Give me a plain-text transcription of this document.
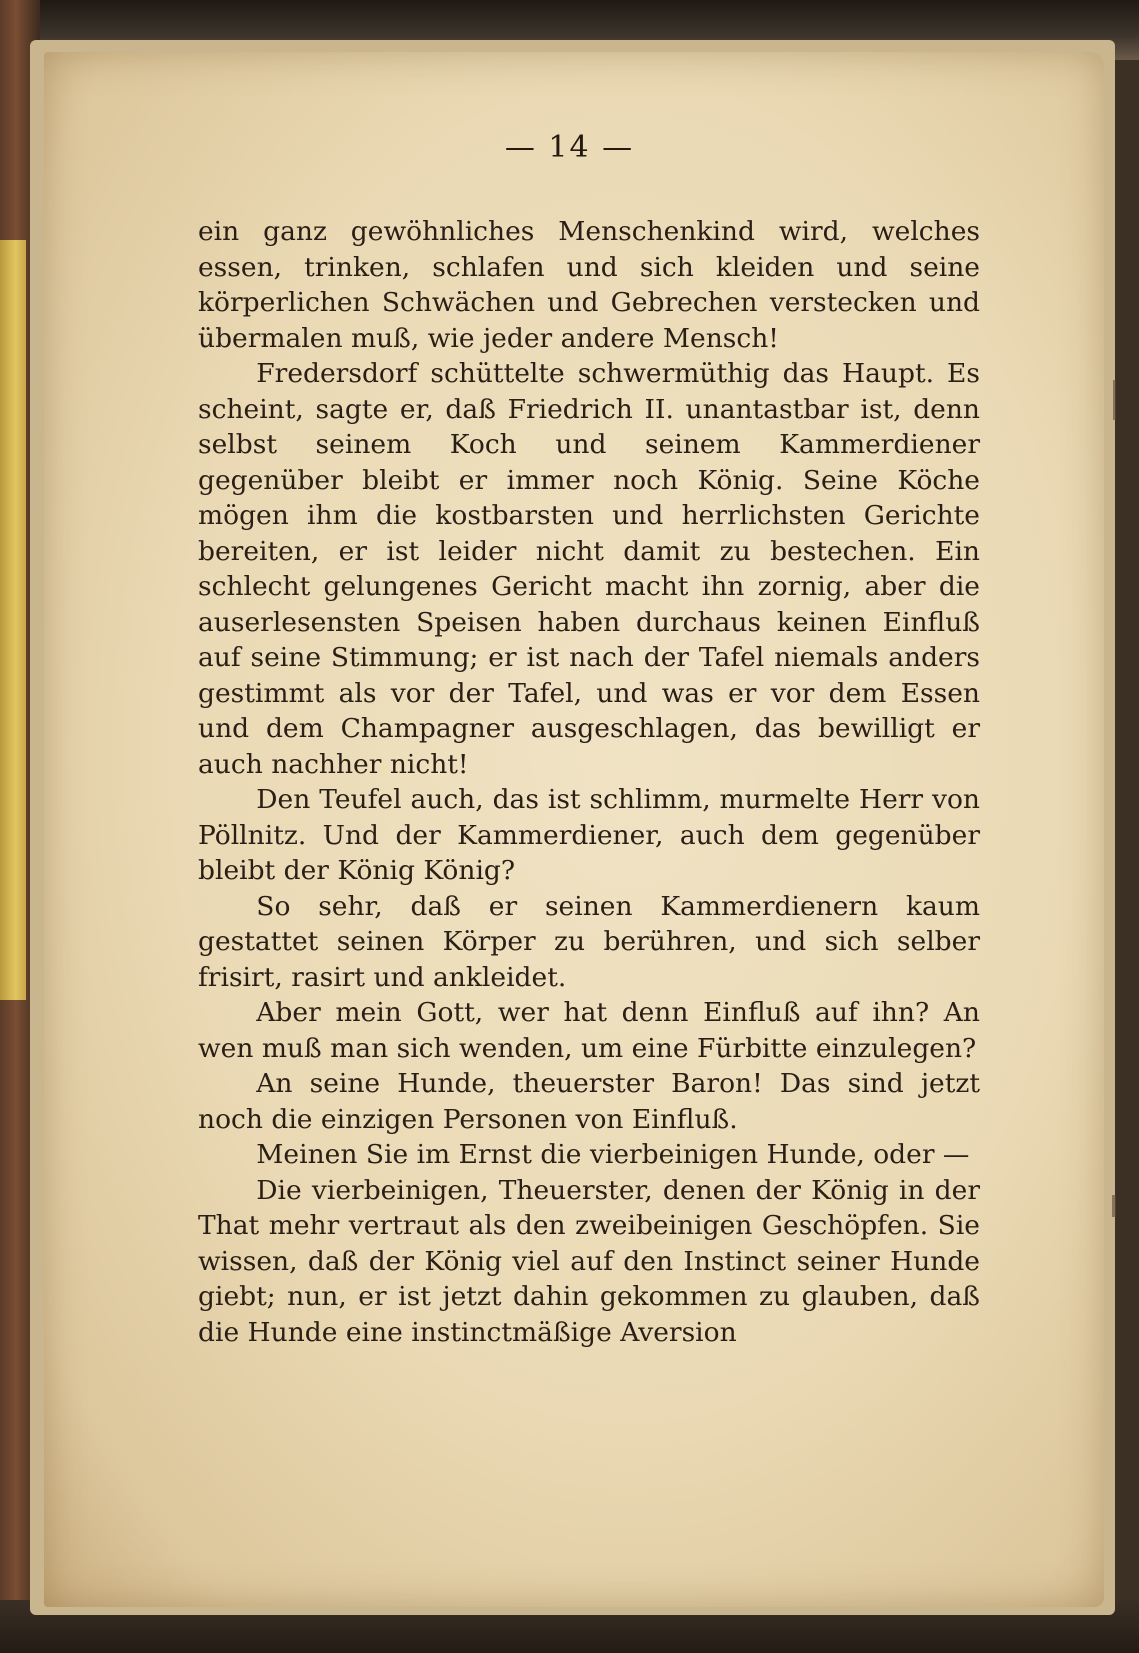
— 14 —

ein ganz gewöhnliches Menschenkind wird, welches essen, trinken, schlafen und sich kleiden und seine körperlichen Schwächen und Gebrechen verstecken und übermalen muß, wie jeder andere Mensch!

Fredersdorf schüttelte schwermüthig das Haupt. Es scheint, sagte er, daß Friedrich II. unantastbar ist, denn selbst seinem Koch und seinem Kammerdiener gegenüber bleibt er immer noch König. Seine Köche mögen ihm die kostbarsten und herrlichsten Gerichte bereiten, er ist leider nicht damit zu bestechen. Ein schlecht gelungenes Gericht macht ihn zornig, aber die auserlesensten Speisen haben durchaus keinen Einfluß auf seine Stimmung; er ist nach der Tafel niemals anders gestimmt als vor der Tafel, und was er vor dem Essen und dem Champagner ausgeschlagen, das bewilligt er auch nachher nicht!

Den Teufel auch, das ist schlimm, murmelte Herr von Pöllnitz. Und der Kammerdiener, auch dem gegenüber bleibt der König König?

So sehr, daß er seinen Kammerdienern kaum gestattet seinen Körper zu berühren, und sich selber frisirt, rasirt und ankleidet.

Aber mein Gott, wer hat denn Einfluß auf ihn? An wen muß man sich wenden, um eine Fürbitte einzulegen?

An seine Hunde, theuerster Baron! Das sind jetzt noch die einzigen Personen von Einfluß.

Meinen Sie im Ernst die vierbeinigen Hunde, oder —

Die vierbeinigen, Theuerster, denen der König in der That mehr vertraut als den zweibeinigen Geschöpfen. Sie wissen, daß der König viel auf den Instinct seiner Hunde giebt; nun, er ist jetzt dahin gekommen zu glauben, daß die Hunde eine instinctmäßige Aversion
